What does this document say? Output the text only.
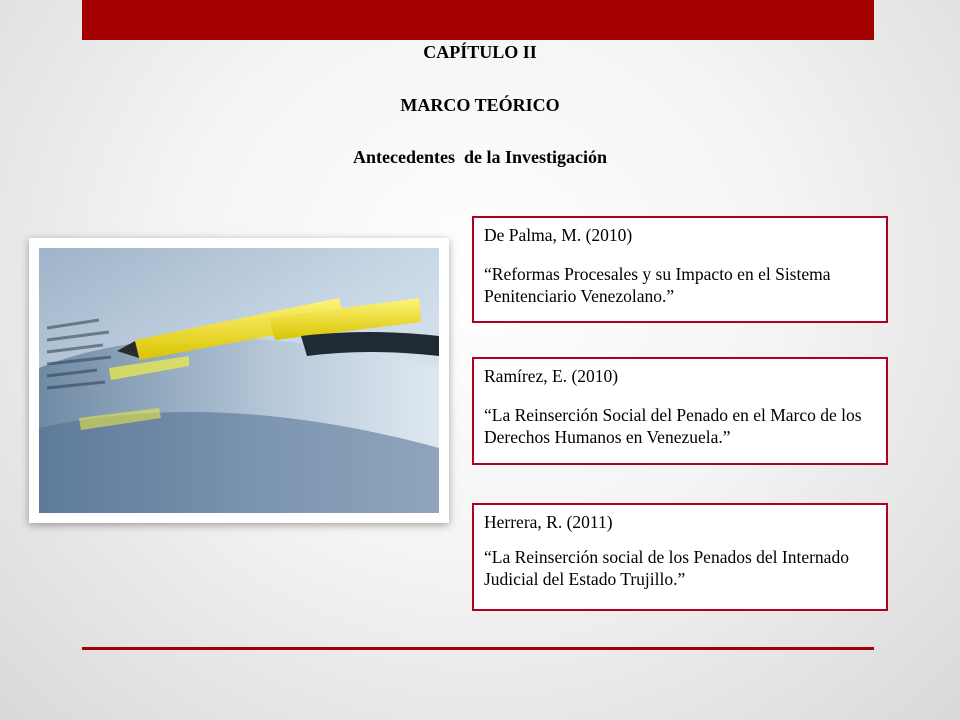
CAPÍTULO II
MARCO TEÓRICO
Antecedentes  de la Investigación

De Palma, M. (2010)

“Reformas Procesales y su Impacto en el Sistema Penitenciario Venezolano.”

Ramírez, E. (2010)

“La Reinserción Social del Penado en el Marco de los Derechos Humanos en Venezuela.”

Herrera, R. (2011)

“La Reinserción social de los Penados del Internado Judicial del Estado Trujillo.”
